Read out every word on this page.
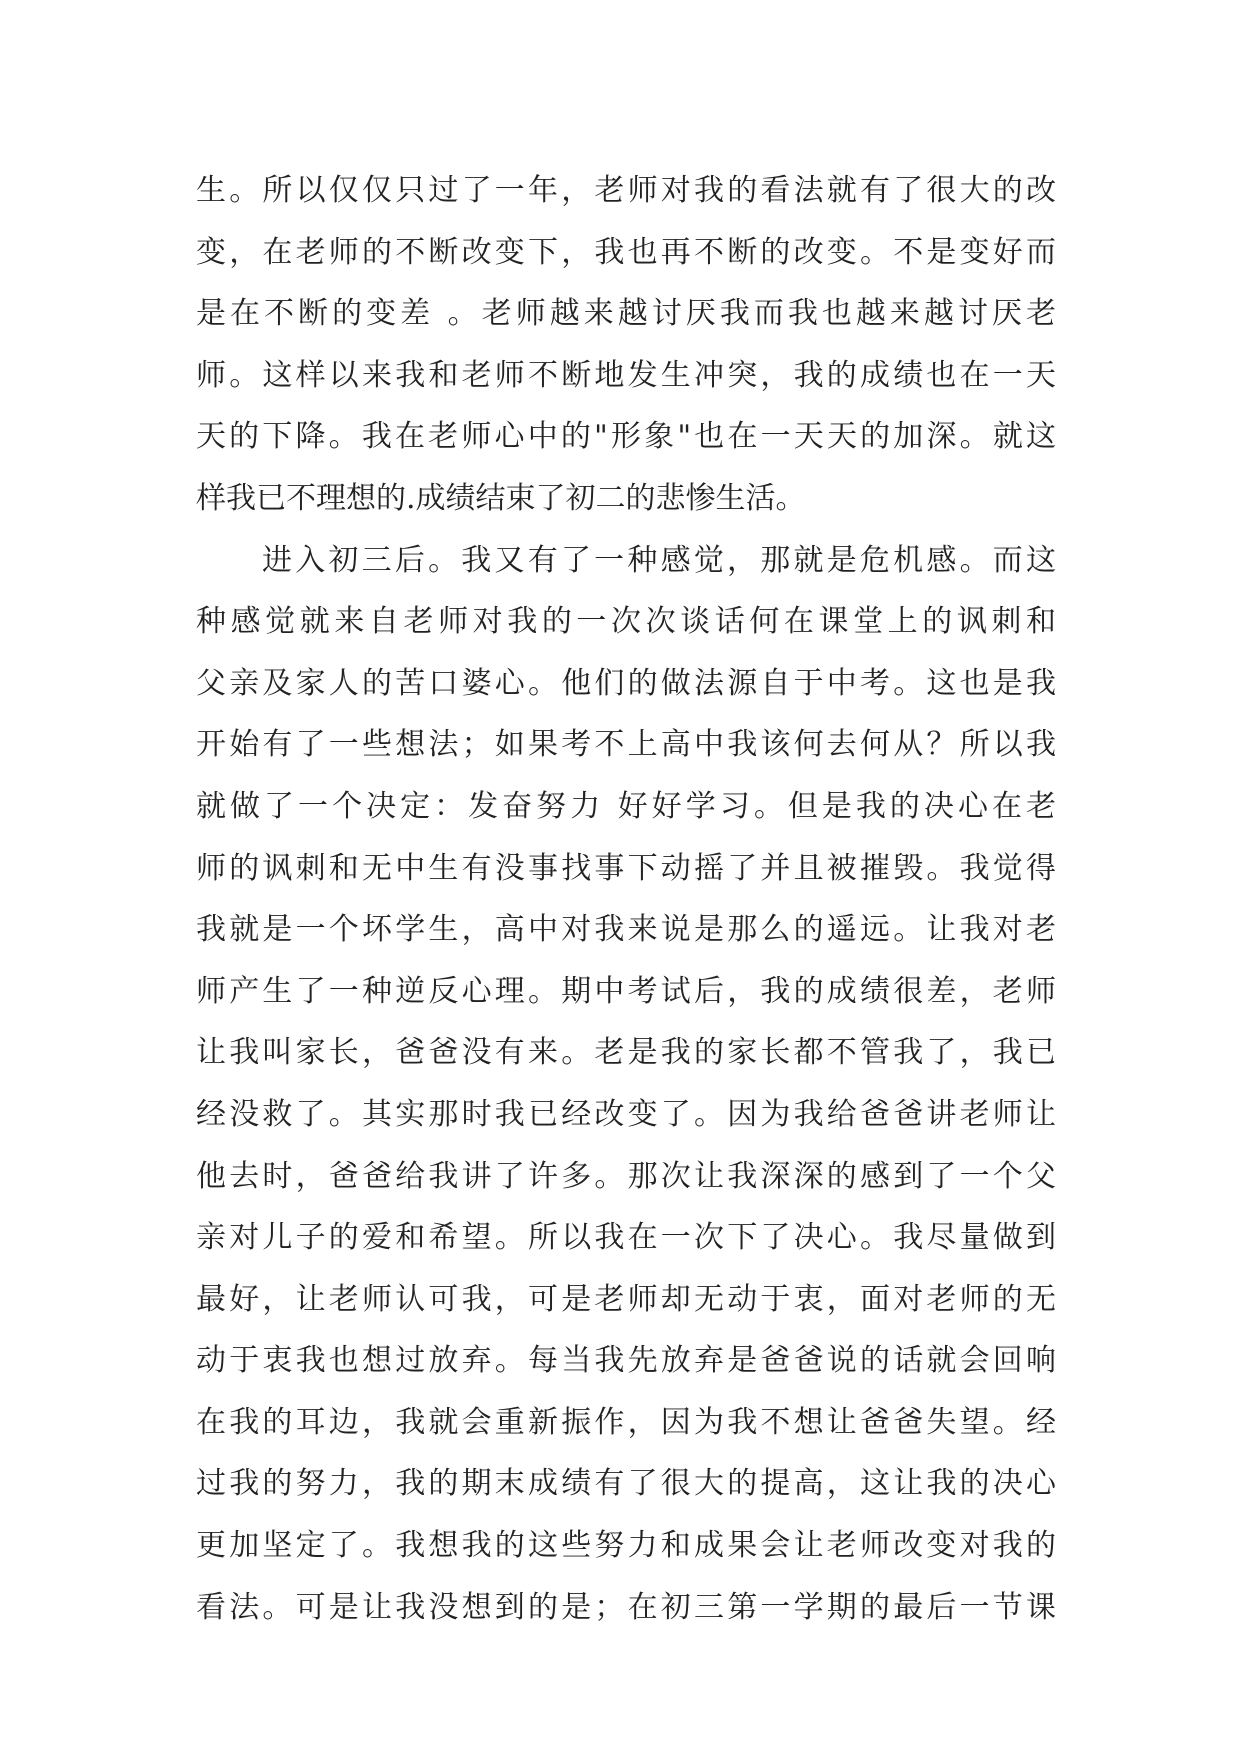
生。所以仅仅只过了一年，老师对我的看法就有了很大的改
变，在老师的不断改变下，我也再不断的改变。不是变好而
是在不断的变差 。老师越来越讨厌我而我也越来越讨厌老
师。这样以来我和老师不断地发生冲突，我的成绩也在一天
天的下降。我在老师心中的"形象"也在一天天的加深。就这
样我已不理想的.成绩结束了初二的悲惨生活。
进入初三后。我又有了一种感觉，那就是危机感。而这
种感觉就来自老师对我的一次次谈话何在课堂上的讽刺和
父亲及家人的苦口婆心。他们的做法源自于中考。这也是我
开始有了一些想法；如果考不上高中我该何去何从？所以我
就做了一个决定：发奋努力 好好学习。但是我的决心在老
师的讽刺和无中生有没事找事下动摇了并且被摧毁。我觉得
我就是一个坏学生，高中对我来说是那么的遥远。让我对老
师产生了一种逆反心理。期中考试后，我的成绩很差，老师
让我叫家长，爸爸没有来。老是我的家长都不管我了，我已
经没救了。其实那时我已经改变了。因为我给爸爸讲老师让
他去时，爸爸给我讲了许多。那次让我深深的感到了一个父
亲对儿子的爱和希望。所以我在一次下了决心。我尽量做到
最好，让老师认可我，可是老师却无动于衷，面对老师的无
动于衷我也想过放弃。每当我先放弃是爸爸说的话就会回响
在我的耳边，我就会重新振作，因为我不想让爸爸失望。经
过我的努力，我的期末成绩有了很大的提高，这让我的决心
更加坚定了。我想我的这些努力和成果会让老师改变对我的
看法。可是让我没想到的是；在初三第一学期的最后一节课
